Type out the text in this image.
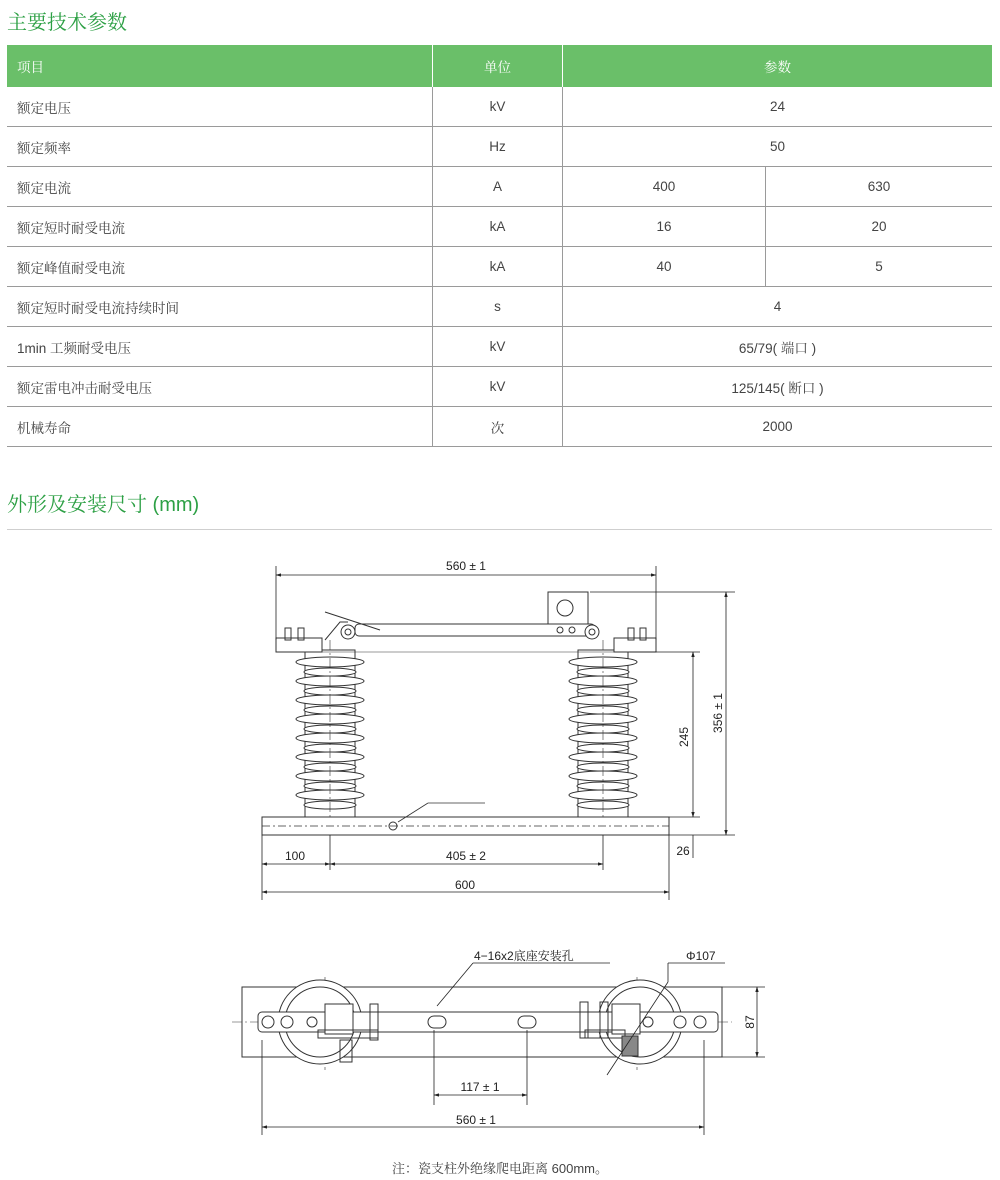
主要技术参数
项目	单位	参数	
额定电压	kV	24	
额定频率	Hz	50	
额定电流	A	400	630
额定短时耐受电流	kA	16	20
额定峰值耐受电流	kA	40	5
额定短时耐受电流持续时间	s	4	
1min 工频耐受电压	kV	65/79( 端口 )	
额定雷电冲击耐受电压	kV	125/145( 断口 )	
机械寿命	次	2000	
外形及安装尺寸 (mm)
560 ± 1
356 ± 1
245
26
100	405 ± 2
600
4−16x2底座安装孔	Φ107
87
117 ± 1
560 ± 1
注：瓷支柱外绝缘爬电距离 600mm。
